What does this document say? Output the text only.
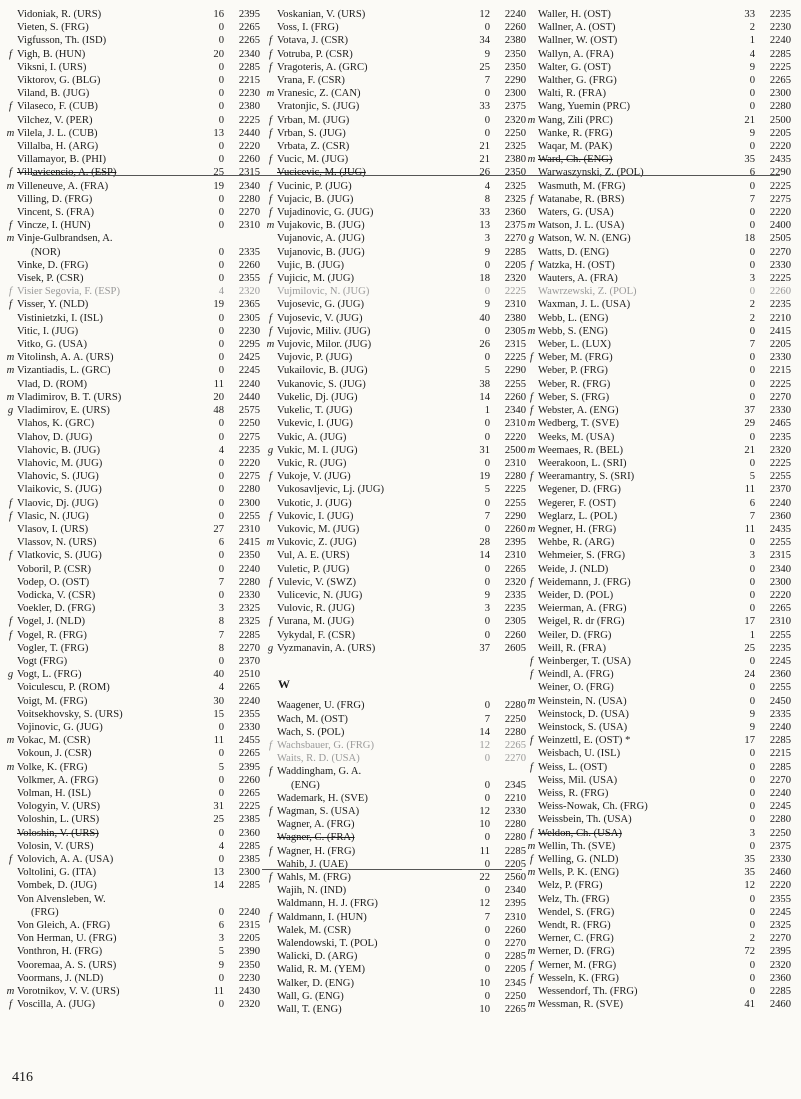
Vidoniak, R. (URS)	16	2395
Vieten, S. (FRG)	0	2265
Vigfusson, Th. (ISD)	0	2265
f Vigh, B. (HUN)	20	2340
Viksni, I. (URS)	0	2285
Viktorov, G. (BLG)	0	2215
Viland, B. (JUG)	0	2230
f Vilaseco, F. (CUB)	0	2380
Vilchez, V. (PER)	0	2225
m Vilela, J. L. (CUB)	13	2440
Villalba, H. (ARG)	0	2220
Villamayor, B. (PHI)	0	2260
f Villavicencio, A. (ESP)	25	2315
m Villeneuve, A. (FRA)	19	2340
Villing, D. (FRG)	0	2280
Vincent, S. (FRA)	0	2270
f Vincze, I. (HUN)	0	2310
m Vinje-Gulbrandsen, A.
(NOR)	0	2335
Vinke, D. (FRG)	0	2260
Visek, P. (CSR)	0	2355
f Visier Segovia, F. (ESP)	4	2320
f Visser, Y. (NLD)	19	2365
Vistinietzki, I. (ISL)	0	2305
Vitic, I. (JUG)	0	2230
Vitko, G. (USA)	0	2295
m Vitolinsh, A. A. (URS)	0	2425
m Vizantiadis, L. (GRC)	0	2245
Vlad, D. (ROM)	11	2240
m Vladimirov, B. T. (URS)	20	2440
g Vladimirov, E. (URS)	48	2575
Vlahos, K. (GRC)	0	2250
Vlahov, D. (JUG)	0	2275
Vlahovic, B. (JUG)	4	2235
Vlahovic, M. (JUG)	0	2220
Vlahovic, S. (JUG)	0	2275
Vlaikovic, S. (JUG)	0	2280
f Vlaovic, Dj. (JUG)	0	2300
f Vlasic, N. (JUG)	0	2255
Vlasov, I. (URS)	27	2310
Vlassov, N. (URS)	6	2415
f Vlatkovic, S. (JUG)	0	2350
Voboril, P. (CSR)	0	2240
Vodep, O. (OST)	7	2280
Vodicka, V. (CSR)	0	2330
Voekler, D. (FRG)	3	2325
f Vogel, J. (NLD)	8	2325
f Vogel, R. (FRG)	7	2285
Vogler, T. (FRG)	8	2270
Vogt (FRG)	0	2370
g Vogt, L. (FRG)	40	2510
Voiculescu, P. (ROM)	4	2265
Voigt, M. (FRG)	30	2240
Voitsekhovsky, S. (URS)	15	2355
Vojinovic, G. (JUG)	0	2330
m Vokac, M. (CSR)	11	2455
Vokoun, J. (CSR)	0	2265
m Volke, K. (FRG)	5	2395
Volkmer, A. (FRG)	0	2260
Volman, H. (ISL)	0	2265
Vologyin, V. (URS)	31	2225
Voloshin, L. (URS)	25	2385
Voloshin, V. (URS)	0	2360
Volosin, V. (URS)	4	2285
f Volovich, A. A. (USA)	0	2385
Voltolini, G. (ITA)	13	2300
Vombek, D. (JUG)	14	2285
Von Alvensleben, W.
(FRG)	0	2240
Von Gleich, A. (FRG)	6	2315
Von Herman, U. (FRG)	3	2205
Vonthron, H. (FRG)	5	2390
Vooremaa, A. S. (URS)	9	2350
Voormans, J. (NLD)	0	2230
m Vorotnikov, V. V. (URS)	11	2430
f Voscilla, A. (JUG)	0	2320
Voskanian, V. (URS)	12	2240
Voss, I. (FRG)	0	2260
f Votava, J. (CSR)	34	2380
f Votruba, P. (CSR)	9	2350
f Vragoteris, A. (GRC)	25	2350
Vrana, F. (CSR)	7	2290
m Vranesic, Z. (CAN)	0	2300
Vratonjic, S. (JUG)	33	2375
f Vrban, M. (JUG)	0	2320
f Vrban, S. (JUG)	0	2250
Vrbata, Z. (CSR)	21	2325
f Vucic, M. (JUG)	21	2380
Vucicevic, M. (JUG)	26	2350
f Vucinic, P. (JUG)	4	2325
f Vujacic, B. (JUG)	8	2325
f Vujadinovic, G. (JUG)	33	2360
m Vujakovic, B. (JUG)	13	2375
Vujanovic, A. (JUG)	3	2270
Vujanovic, B. (JUG)	9	2285
Vujic, B. (JUG)	0	2205
f Vujicic, M. (JUG)	18	2320
Vujmilovic, N. (JUG)	0	2225
Vujosevic, G. (JUG)	9	2310
f Vujosevic, V. (JUG)	40	2380
f Vujovic, Miliv. (JUG)	0	2305
m Vujovic, Milor. (JUG)	26	2315
Vujovic, P. (JUG)	0	2225
Vukailovic, B. (JUG)	5	2290
Vukanovic, S. (JUG)	38	2255
Vukelic, Dj. (JUG)	14	2260
Vukelic, T. (JUG)	1	2340
Vukevic, I. (JUG)	0	2310
Vukic, A. (JUG)	0	2220
g Vukic, M. I. (JUG)	31	2500
Vukic, R. (JUG)	0	2310
f Vukoje, V. (JUG)	19	2280
Vukosavljevic, Lj. (JUG)	5	2225
Vukotic, J. (JUG)	0	2255
f Vukovic, I. (JUG)	7	2290
Vukovic, M. (JUG)	0	2260
m Vukovic, Z. (JUG)	28	2395
Vul, A. E. (URS)	14	2310
Vuletic, P. (JUG)	0	2265
f Vulevic, V. (SWZ)	0	2320
Vulicevic, N. (JUG)	9	2335
Vulovic, R. (JUG)	3	2235
f Vurana, M. (JUG)	0	2305
Vykydal, F. (CSR)	0	2260
g Vyzmanavin, A. (URS)	37	2605
W
Waagener, U. (FRG)	0	2280
Wach, M. (OST)	7	2250
Wach, S. (POL)	14	2280
f Wachsbauer, G. (FRG)	12	2265
Waits, R. D. (USA)	0	2270
f Waddingham, G. A.
(ENG)	0	2345
Wademark, H. (SVE)	0	2210
f Wagman, S. (USA)	12	2330
Wagner, A. (FRG)	10	2280
Wagner, C. (FRA)	0	2280
f Wagner, H. (FRG)	11	2285
Wahib, J. (UAE)	0	2205
f Wahls, M. (FRG)	22	2560
Wajih, N. (IND)	0	2340
Waldmann, H. J. (FRG)	12	2395
f Waldmann, I. (HUN)	7	2310
Walek, M. (CSR)	0	2260
Walendowski, T. (POL)	0	2270
Walicki, D. (ARG)	0	2285
Walid, R. M. (YEM)	0	2205
Walker, D. (ENG)	10	2345
Wall, G. (ENG)	0	2250
Wall, T. (ENG)	10	2265
Waller, H. (OST)	33	2235
Wallner, A. (OST)	2	2230
Wallner, W. (OST)	1	2240
Wallyn, A. (FRA)	4	2285
Walter, G. (OST)	9	2225
Walther, G. (FRG)	0	2265
Walti, R. (FRA)	0	2300
Wang, Yuemin (PRC)	0	2280
m Wang, Zili (PRC)	21	2500
Wanke, R. (FRG)	9	2205
Waqar, M. (PAK)	0	2220
m Ward, Ch. (ENG)	35	2435
Warwaszynski, Z. (POL)	6	2290
Wasmuth, M. (FRG)	0	2225
f Watanabe, R. (BRS)	7	2275
Waters, G. (USA)	0	2220
m Watson, J. L. (USA)	0	2400
g Watson, W. N. (ENG)	18	2505
Watts, D. (ENG)	0	2270
f Watzka, H. (OST)	0	2330
Wauters, A. (FRA)	3	2225
Wawrzewski, Z. (POL)	0	2260
Waxman, J. L. (USA)	2	2235
Webb, L. (ENG)	2	2210
m Webb, S. (ENG)	0	2415
Weber, L. (LUX)	7	2205
f Weber, M. (FRG)	0	2330
Weber, P. (FRG)	0	2215
Weber, R. (FRG)	0	2225
f Weber, S. (FRG)	0	2270
f Webster, A. (ENG)	37	2330
m Wedberg, T. (SVE)	29	2465
Weeks, M. (USA)	0	2235
m Weemaes, R. (BEL)	21	2320
Weerakoon, L. (SRI)	0	2225
f Weeramantry, S. (SRI)	5	2255
Wegener, D. (FRG)	11	2370
Wegerer, F. (OST)	6	2240
Weglarz, L. (POL)	7	2360
m Wegner, H. (FRG)	11	2435
Wehbe, R. (ARG)	0	2255
Wehmeier, S. (FRG)	3	2315
Weide, J. (NLD)	0	2340
f Weidemann, J. (FRG)	0	2300
Weider, D. (POL)	0	2220
Weierman, A. (FRG)	0	2265
Weigel, R. dr (FRG)	17	2310
Weiler, D. (FRG)	1	2255
Weill, R. (FRA)	25	2235
f Weinberger, T. (USA)	0	2245
f Weindl, A. (FRG)	24	2360
Weiner, O. (FRG)	0	2255
m Weinstein, N. (USA)	0	2450
Weinstock, D. (USA)	9	2335
Weinstock, S. (USA)	9	2240
f Weinzettl, E. (OST) *	17	2285
Weisbach, U. (ISL)	0	2215
f Weiss, L. (OST)	0	2285
Weiss, Mil. (USA)	0	2270
Weiss, R. (FRG)	0	2240
Weiss-Nowak, Ch. (FRG)	0	2245
Weissbein, Th. (USA)	0	2280
f Weldon, Ch. (USA)	3	2250
m Wellin, Th. (SVE)	0	2375
f Welling, G. (NLD)	35	2330
m Wells, P. K. (ENG)	35	2460
Welz, P. (FRG)	12	2220
Welz, Th. (FRG)	0	2355
Wendel, S. (FRG)	0	2245
Wendt, R. (FRG)	0	2325
Werner, C. (FRG)	2	2270
m Werner, D. (FRG)	72	2395
f Werner, M. (FRG)	0	2320
f Wesseln, K. (FRG)	0	2360
Wessendorf, Th. (FRG)	0	2285
m Wessman, R. (SVE)	41	2460
416
